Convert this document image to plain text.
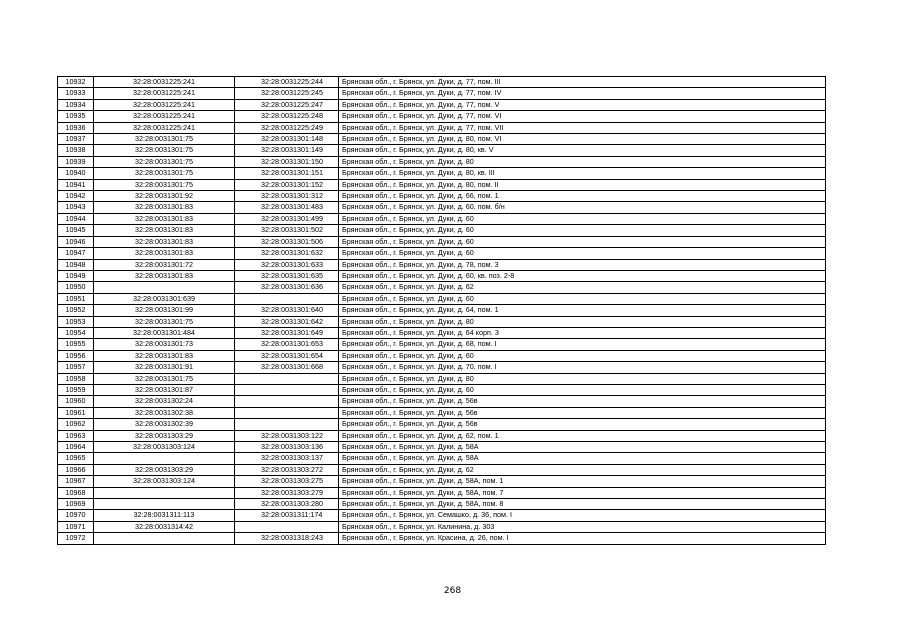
10932	32:28:0031225:241	32:28:0031225:244	Брянская обл., г. Брянск, ул. Дуки, д. 77, пом. III
10933	32:28:0031225:241	32:28:0031225:245	Брянская обл., г. Брянск, ул. Дуки, д. 77, пом. IV
10934	32:28:0031225:241	32:28:0031225:247	Брянская обл., г. Брянск, ул. Дуки, д. 77, пом. V
10935	32:28:0031225:241	32:28:0031225:248	Брянская обл., г. Брянск, ул. Дуки, д. 77, пом. VI
10936	32:28:0031225:241	32:28:0031225:249	Брянская обл., г. Брянск, ул. Дуки, д. 77, пом. VII
10937	32:28:0031301:75	32:28:0031301:148	Брянская обл., г. Брянск, ул. Дуки, д. 80, пом. VI
10938	32:28:0031301:75	32:28:0031301:149	Брянская обл., г. Брянск, ул. Дуки, д. 80, кв. V
10939	32:28:0031301:75	32:28:0031301:150	Брянская обл., г. Брянск, ул. Дуки, д. 80
10940	32:28:0031301:75	32:28:0031301:151	Брянская обл., г. Брянск, ул. Дуки, д. 80, кв. III
10941	32:28:0031301:75	32:28:0031301:152	Брянская обл., г. Брянск, ул. Дуки, д. 80, пом. II
10942	32:28:0031301:92	32:28:0031301:312	Брянская обл., г. Брянск, ул. Дуки, д. 66, пом. 1
10943	32:28:0031301:83	32:28:0031301:483	Брянская обл., г. Брянск, ул. Дуки, д. 60, пом. б/н
10944	32:28:0031301:83	32:28:0031301:499	Брянская обл., г. Брянск, ул. Дуки, д. 60
10945	32:28:0031301:83	32:28:0031301:502	Брянская обл., г. Брянск, ул. Дуки, д. 60
10946	32:28:0031301:83	32:28:0031301:506	Брянская обл., г. Брянск, ул. Дуки, д. 60
10947	32:28:0031301:83	32:28:0031301:632	Брянская обл., г. Брянск, ул. Дуки, д. 60
10948	32:28:0031301:72	32:28:0031301:633	Брянская обл., г. Брянск, ул. Дуки, д. 78, пом. 3
10949	32:28:0031301:83	32:28:0031301:635	Брянская обл., г. Брянск, ул. Дуки, д. 60, кв. поз. 2-8
10950		32:28:0031301:636	Брянская обл., г. Брянск, ул. Дуки, д. 62
10951	32:28:0031301:639		Брянская обл., г. Брянск, ул. Дуки, д. 60
10952	32:28:0031301:99	32:28:0031301:640	Брянская обл., г. Брянск, ул. Дуки, д. 64, пом. 1
10953	32:28:0031301:75	32:28:0031301:642	Брянская обл., г. Брянск, ул. Дуки, д. 80
10954	32:28:0031301:484	32:28:0031301:649	Брянская обл., г. Брянск, ул. Дуки, д. 64 корп. 3
10955	32:28:0031301:73	32:28:0031301:653	Брянская обл., г. Брянск, ул. Дуки, д. 68, пом. I
10956	32:28:0031301:83	32:28:0031301:654	Брянская обл., г. Брянск, ул. Дуки, д. 60
10957	32:28:0031301:91	32:28:0031301:668	Брянская обл., г. Брянск, ул. Дуки, д. 70, пом. I
10958	32:28:0031301:75		Брянская обл., г. Брянск, ул. Дуки, д. 80
10959	32:28:0031301:87		Брянская обл., г. Брянск, ул. Дуки, д. 60
10960	32:28:0031302:24		Брянская обл., г. Брянск, ул. Дуки, д. 56в
10961	32:28:0031302:38		Брянская обл., г. Брянск, ул. Дуки, д. 56в
10962	32:28:0031302:39		Брянская обл., г. Брянск, ул. Дуки, д. 56в
10963	32:28:0031303:29	32:28:0031303:122	Брянская обл., г. Брянск, ул. Дуки, д. 62, пом. 1
10964	32:28:0031303:124	32:28:0031303:136	Брянская обл., г. Брянск, ул. Дуки, д. 58А
10965		32:28:0031303:137	Брянская обл., г. Брянск, ул. Дуки, д. 58А
10966	32:28:0031303:29	32:28:0031303:272	Брянская обл., г. Брянск, ул. Дуки, д. 62
10967	32:28:0031303:124	32:28:0031303:275	Брянская обл., г. Брянск, ул. Дуки, д. 58А, пом. 1
10968		32:28:0031303:279	Брянская обл., г. Брянск, ул. Дуки, д. 58А, пом. 7
10969		32:28:0031303:280	Брянская обл., г. Брянск, ул. Дуки, д. 58А, пом. 8
10970	32:28:0031311:113	32:28:0031311:174	Брянская обл., г. Брянск, ул. Семашко, д. 36, пом. I
10971	32:28:0031314:42		Брянская обл., г. Брянск, ул. Калинина, д. 303
10972		32:28:0031318:243	Брянская обл., г. Брянск, ул. Красина, д. 26, пом. I
268
